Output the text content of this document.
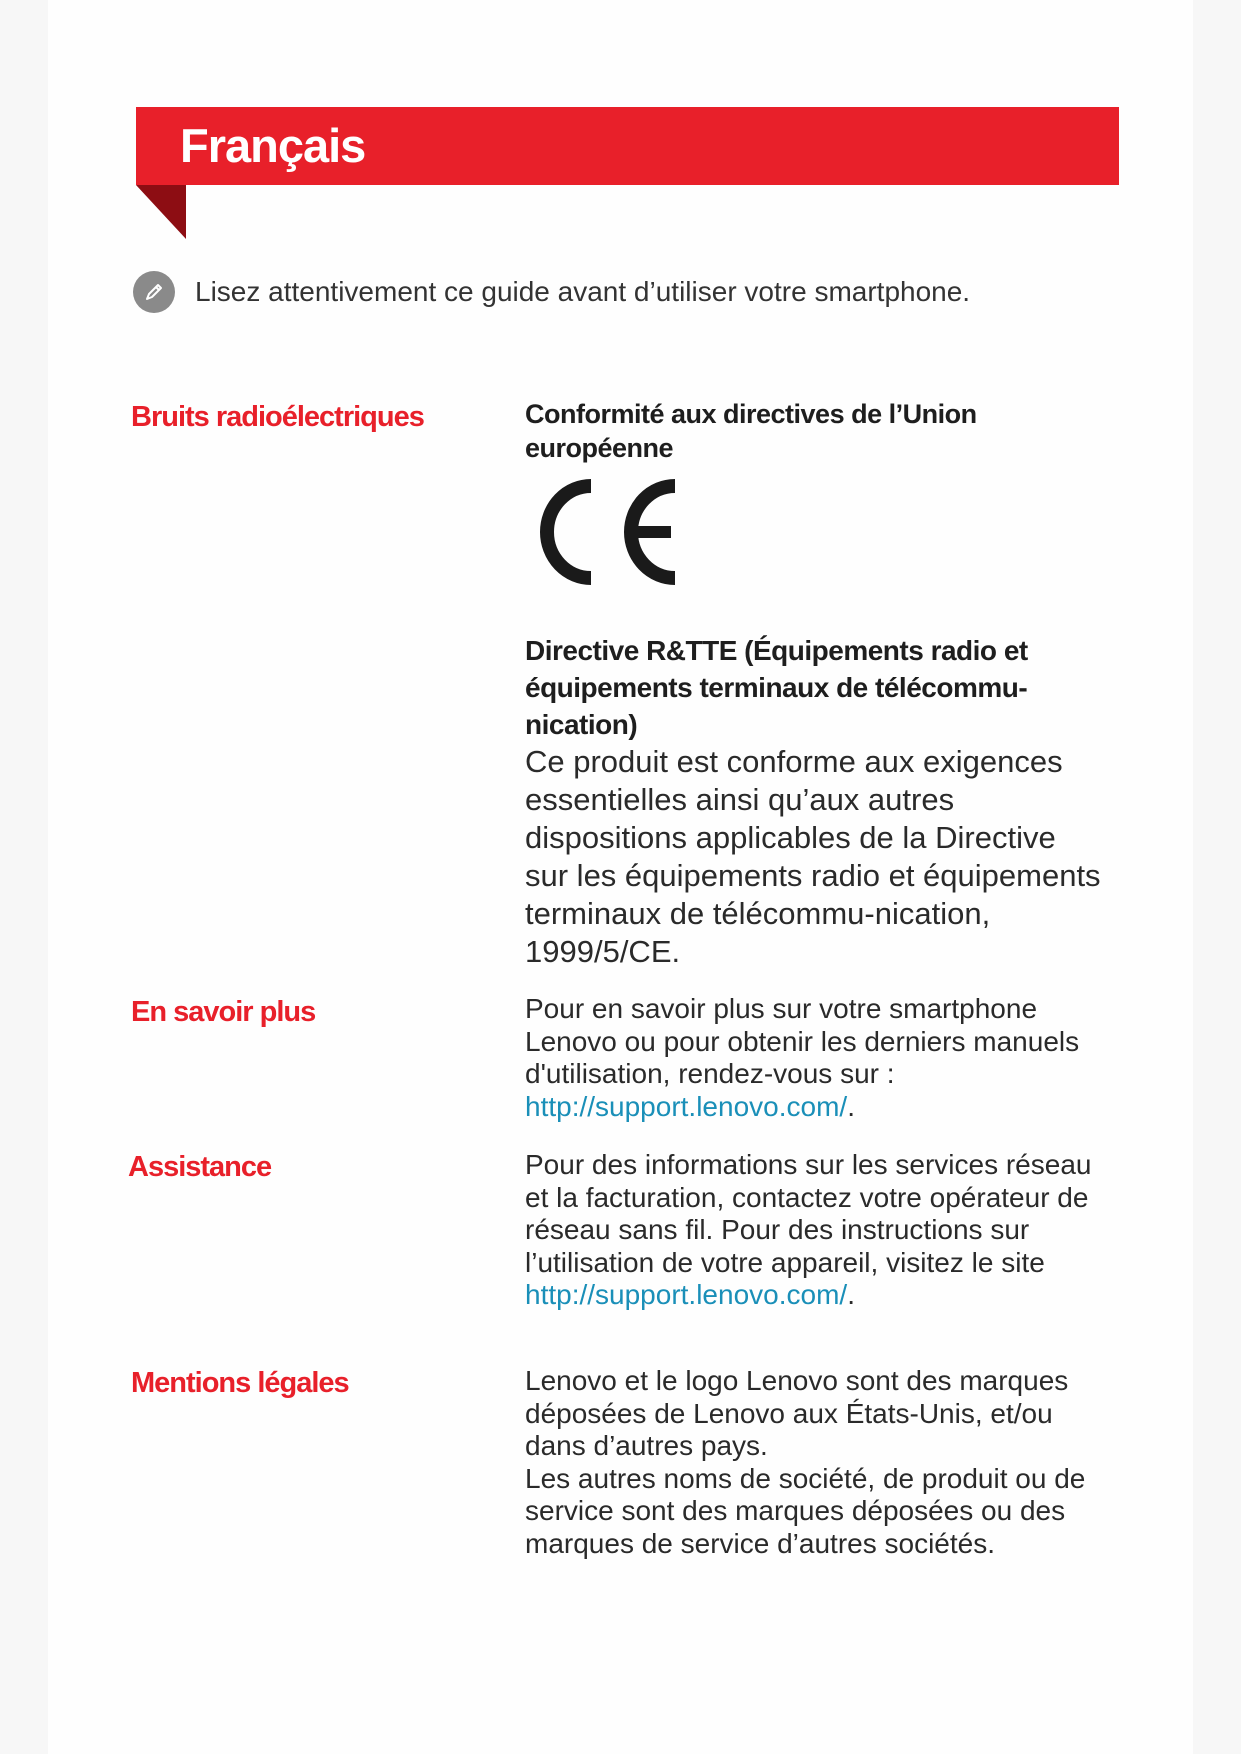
Français
Lisez attentivement ce guide avant d’utiliser votre smartphone.
Bruits radioélectriques	Conformité aux directives de l’Union européenne
Directive R&TTE (Équipements radio et équipements terminaux de télécommu-nication)
Ce produit est conforme aux exigences essentielles ainsi qu’aux autres dispositions applicables de la Directive sur les équipements radio et équipements terminaux de télécommu-nication, 1999/5/CE.
En savoir plus	Pour en savoir plus sur votre smartphone Lenovo ou pour obtenir les derniers manuels d'utilisation, rendez-vous sur :
http://support.lenovo.com/.
Assistance	Pour des informations sur les services réseau et la facturation, contactez votre opérateur de réseau sans fil. Pour des instructions sur l’utilisation de votre appareil, visitez le site
http://support.lenovo.com/.
Mentions légales	Lenovo et le logo Lenovo sont des marques déposées de Lenovo aux États-Unis, et/ou dans d’autres pays.
Les autres noms de société, de produit ou de service sont des marques déposées ou des marques de service d’autres sociétés.
